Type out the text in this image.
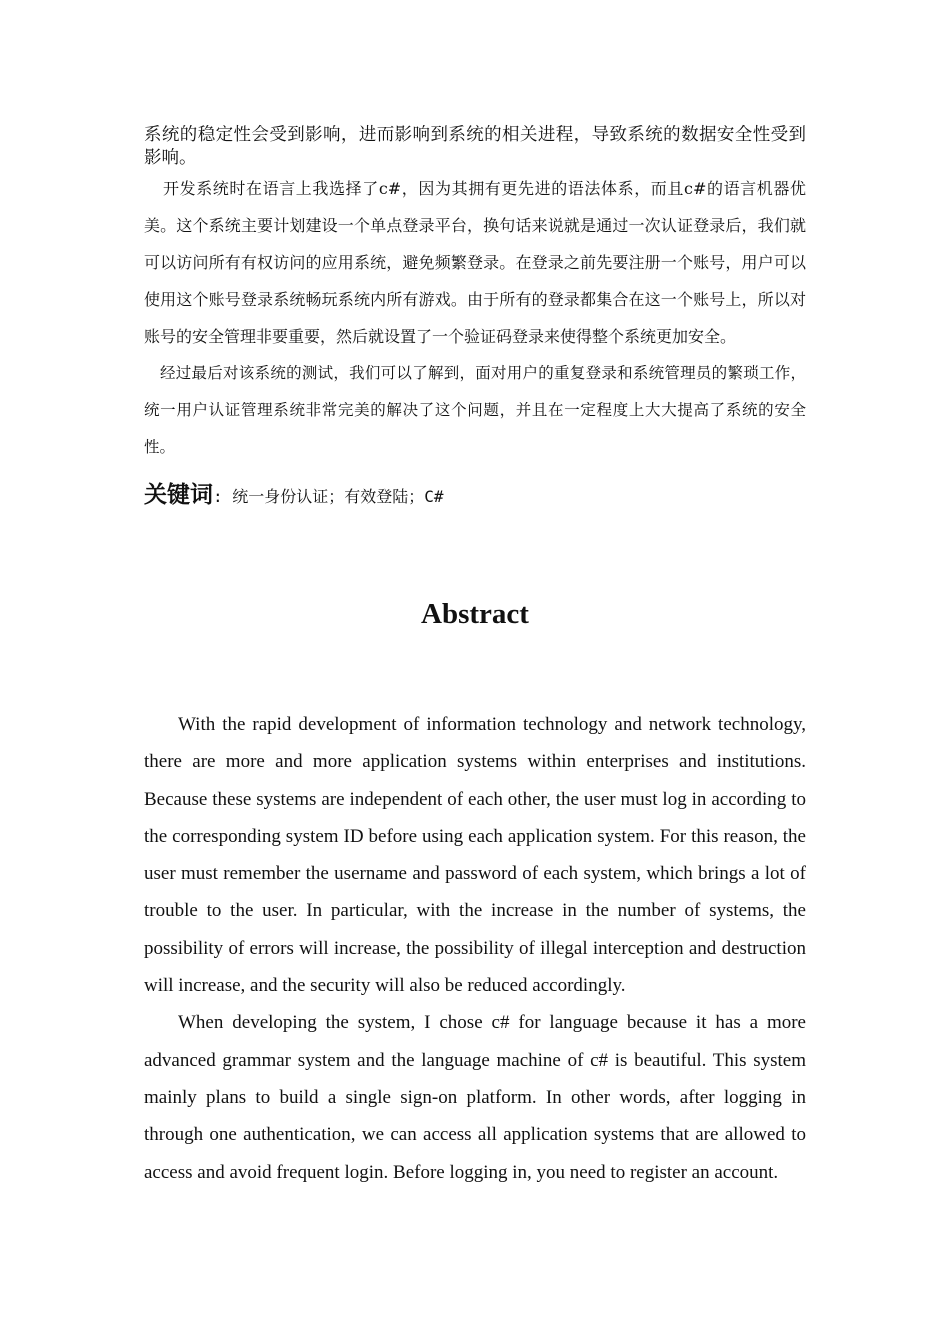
系统的稳定性会受到影响，进而影响到系统的相关进程，导致系统的数据安全性受到影响。

开发系统时在语言上我选择了c#，因为其拥有更先进的语法体系，而且c#的语言机器优美。这个系统主要计划建设一个单点登录平台，换句话来说就是通过一次认证登录后，我们就可以访问所有有权访问的应用系统，避免频繁登录。在登录之前先要注册一个账号，用户可以使用这个账号登录系统畅玩系统内所有游戏。由于所有的登录都集合在这一个账号上，所以对账号的安全管理非要重要，然后就设置了一个验证码登录来使得整个系统更加安全。

经过最后对该系统的测试，我们可以了解到，面对用户的重复登录和系统管理员的繁琐工作，统一用户认证管理系统非常完美的解决了这个问题，并且在一定程度上大大提高了系统的安全性。

关键词: 统一身份认证；有效登陆；C#
Abstract

With the rapid development of information technology and network technology, there are more and more application systems within enterprises and institutions. Because these systems are independent of each other, the user must log in according to the corresponding system ID before using each application system. For this reason, the user must remember the username and password of each system, which brings a lot of trouble to the user. In particular, with the increase in the number of systems, the possibility of errors will increase, the possibility of illegal interception and destruction will increase, and the security will also be reduced accordingly.

When developing the system, I chose c# for language because it has a more advanced grammar system and the language machine of c# is beautiful. This system mainly plans to build a single sign-on platform. In other words, after logging in through one authentication, we can access all application systems that are allowed to access and avoid frequent login. Before logging in, you need to register an account.
